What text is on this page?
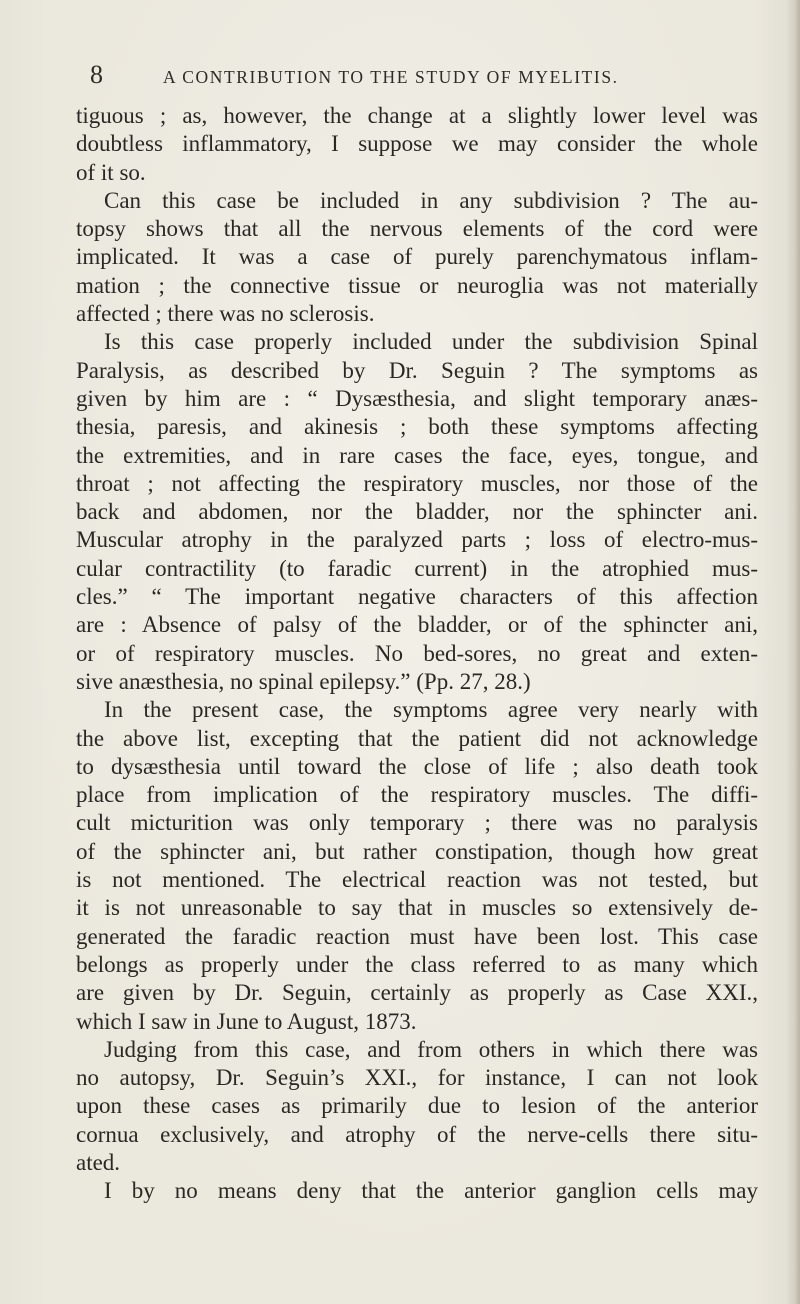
8	A CONTRIBUTION TO THE STUDY OF MYELITIS.
tiguous ; as, however, the change at a slightly lower level was
doubtless inflammatory, I suppose we may consider the whole
of it so.
Can this case be included in any subdivision ? The au-
topsy shows that all the nervous elements of the cord were
implicated. It was a case of purely parenchymatous inflam-
mation ; the connective tissue or neuroglia was not materially
affected ; there was no sclerosis.
Is this case properly included under the subdivision Spinal
Paralysis, as described by Dr. Seguin ? The symptoms as
given by him are : “ Dysæsthesia, and slight temporary anæs-
thesia, paresis, and akinesis ; both these symptoms affecting
the extremities, and in rare cases the face, eyes, tongue, and
throat ; not affecting the respiratory muscles, nor those of the
back and abdomen, nor the bladder, nor the sphincter ani.
Muscular atrophy in the paralyzed parts ; loss of electro-mus-
cular contractility (to faradic current) in the atrophied mus-
cles.” “ The important negative characters of this affection
are : Absence of palsy of the bladder, or of the sphincter ani,
or of respiratory muscles. No bed-sores, no great and exten-
sive anæsthesia, no spinal epilepsy.” (Pp. 27, 28.)
In the present case, the symptoms agree very nearly with
the above list, excepting that the patient did not acknowledge
to dysæsthesia until toward the close of life ; also death took
place from implication of the respiratory muscles. The diffi-
cult micturition was only temporary ; there was no paralysis
of the sphincter ani, but rather constipation, though how great
is not mentioned. The electrical reaction was not tested, but
it is not unreasonable to say that in muscles so extensively de-
generated the faradic reaction must have been lost. This case
belongs as properly under the class referred to as many which
are given by Dr. Seguin, certainly as properly as Case XXI.,
which I saw in June to August, 1873.
Judging from this case, and from others in which there was
no autopsy, Dr. Seguin’s XXI., for instance, I can not look
upon these cases as primarily due to lesion of the anterior
cornua exclusively, and atrophy of the nerve-cells there situ-
ated.
I by no means deny that the anterior ganglion cells may
